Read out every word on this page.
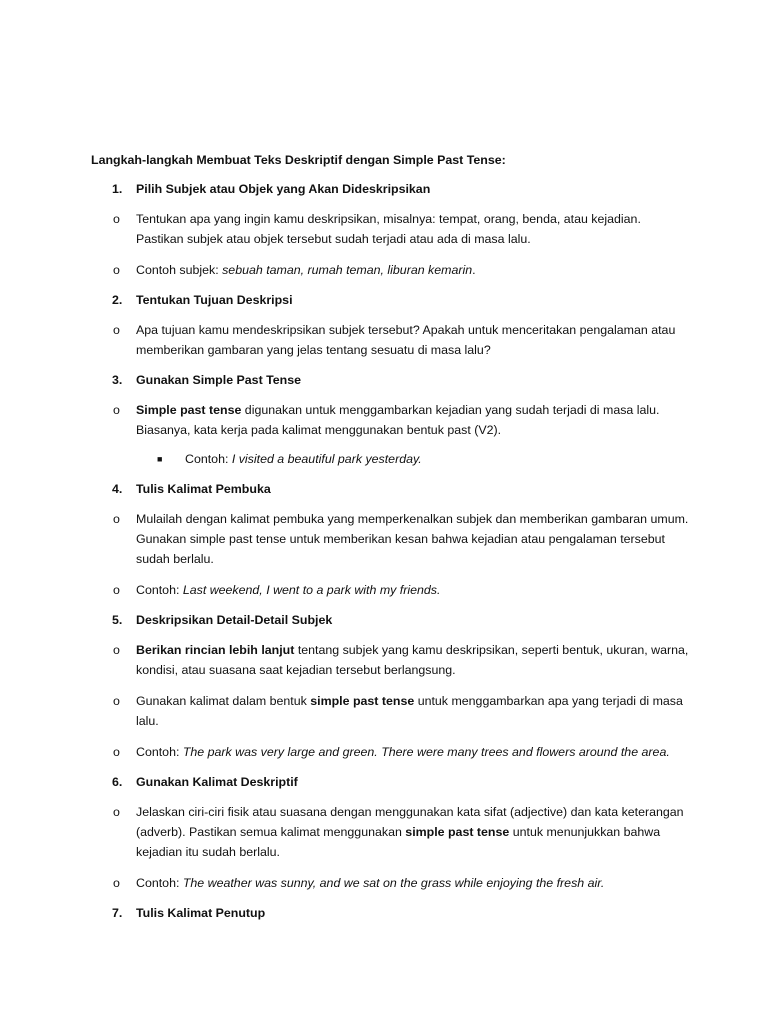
Langkah-langkah Membuat Teks Deskriptif dengan Simple Past Tense:

1. Pilih Subjek atau Objek yang Akan Dideskripsikan
o Tentukan apa yang ingin kamu deskripsikan, misalnya: tempat, orang, benda, atau kejadian. Pastikan subjek atau objek tersebut sudah terjadi atau ada di masa lalu.
o Contoh subjek: sebuah taman, rumah teman, liburan kemarin.
2. Tentukan Tujuan Deskripsi
o Apa tujuan kamu mendeskripsikan subjek tersebut? Apakah untuk menceritakan pengalaman atau memberikan gambaran yang jelas tentang sesuatu di masa lalu?
3. Gunakan Simple Past Tense
o Simple past tense digunakan untuk menggambarkan kejadian yang sudah terjadi di masa lalu. Biasanya, kata kerja pada kalimat menggunakan bentuk past (V2).
■ Contoh: I visited a beautiful park yesterday.
4. Tulis Kalimat Pembuka
o Mulailah dengan kalimat pembuka yang memperkenalkan subjek dan memberikan gambaran umum. Gunakan simple past tense untuk memberikan kesan bahwa kejadian atau pengalaman tersebut sudah berlalu.
o Contoh: Last weekend, I went to a park with my friends.
5. Deskripsikan Detail-Detail Subjek
o Berikan rincian lebih lanjut tentang subjek yang kamu deskripsikan, seperti bentuk, ukuran, warna, kondisi, atau suasana saat kejadian tersebut berlangsung.
o Gunakan kalimat dalam bentuk simple past tense untuk menggambarkan apa yang terjadi di masa lalu.
o Contoh: The park was very large and green. There were many trees and flowers around the area.
6. Gunakan Kalimat Deskriptif
o Jelaskan ciri-ciri fisik atau suasana dengan menggunakan kata sifat (adjective) dan kata keterangan (adverb). Pastikan semua kalimat menggunakan simple past tense untuk menunjukkan bahwa kejadian itu sudah berlalu.
o Contoh: The weather was sunny, and we sat on the grass while enjoying the fresh air.
7. Tulis Kalimat Penutup
